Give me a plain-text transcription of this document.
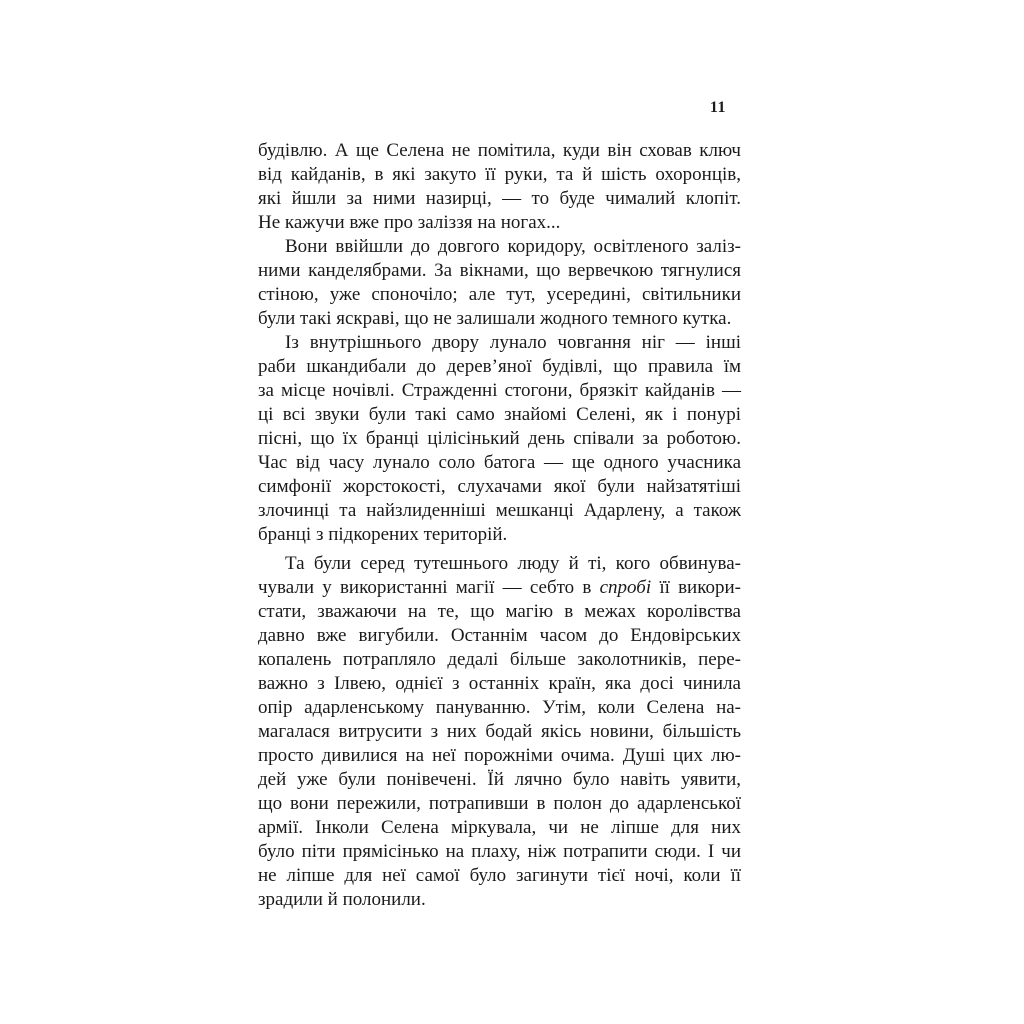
11
будівлю. А ще Селена не помітила, куди він сховав ключ
від кайданів, в які закуто її руки, та й шість охоронців,
які йшли за ними назирці, — то буде чималий клопіт.
Не кажучи вже про заліззя на ногах...
Вони ввійшли до довгого коридору, освітленого заліз-
ними канделябрами. За вікнами, що вервечкою тягнулися
стіною, уже споночіло; але тут, усередині, світильники
були такі яскраві, що не залишали жодного темного кутка.
Із внутрішнього двору лунало човгання ніг — інші
раби шкандибали до дерев’яної будівлі, що правила їм
за місце ночівлі. Стражденні стогони, брязкіт кайданів —
ці всі звуки були такі само знайомі Селені, як і понурі
пісні, що їх бранці цілісінький день співали за роботою.
Час від часу лунало соло батога — ще одного учасника
симфонії жорстокості, слухачами якої були найзатятіші
злочинці та найзлиденніші мешканці Адарлену, а також
бранці з підкорених територій.
Та були серед тутешнього люду й ті, кого обвинува-
чували у використанні магії — себто в спробі її викори-
стати, зважаючи на те, що магію в межах королівства
давно вже вигубили. Останнім часом до Ендовірських
копалень потрапляло дедалі більше заколотників, пере-
важно з Ілвею, однієї з останніх країн, яка досі чинила
опір адарленському пануванню. Утім, коли Селена на-
магалася витрусити з них бодай якісь новини, більшість
просто дивилися на неї порожніми очима. Душі цих лю-
дей уже були понівечені. Їй лячно було навіть уявити,
що вони пережили, потрапивши в полон до адарленської
армії. Інколи Селена міркувала, чи не ліпше для них
було піти прямісінько на плаху, ніж потрапити сюди. І чи
не ліпше для неї самої було загинути тієї ночі, коли її
зрадили й полонили.
